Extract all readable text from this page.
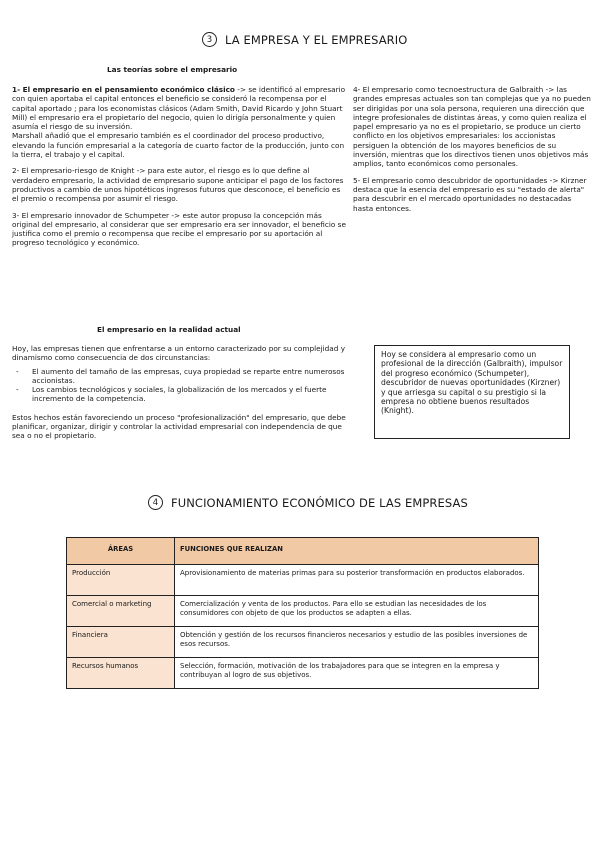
3	LA EMPRESA Y EL EMPRESARIO
Las teorías sobre el empresario

1- El empresario en el pensamiento económico clásico -> se identificó al empresario con quien aportaba el capital entonces el beneficio se consideró la recompensa por el capital aportado ; para los economistas clásicos (Adam Smith, David Ricardo y John Stuart Mill) el empresario era el propietario del negocio, quien lo dirigía personalmente y quien asumía el riesgo de su inversión.

Marshall añadió que el empresario también es el coordinador del proceso productivo, elevando la función empresarial a la categoría de cuarto factor de la producción, junto con la tierra, el trabajo y el capital.

2- El empresario-riesgo de Knight -> para este autor, el riesgo es lo que define al verdadero empresario, la actividad de empresario supone anticipar el pago de los factores productivos a cambio de unos hipotéticos ingresos futuros que desconoce, el beneficio es el premio o recompensa por asumir el riesgo.

3- El empresario innovador de Schumpeter -> este autor propuso la concepción más original del empresario, al considerar que ser empresario era ser innovador, el beneficio se justifica como el premio o recompensa que recibe el empresario por su aportación al progreso tecnológico y económico.

4- El empresario como tecnoestructura de Galbraith -> las grandes empresas actuales son tan complejas que ya no pueden ser dirigidas por una sola persona, requieren una dirección que integre profesionales de distintas áreas, y como quien realiza el papel empresario ya no es el propietario, se produce un cierto conflicto en los objetivos empresariales: los accionistas persiguen la obtención de los mayores beneficios de su inversión, mientras que los directivos tienen unos objetivos más amplios, tanto económicos como personales.

5- El empresario como descubridor de oportunidades -> Kirzner destaca que la esencia del empresario es su "estado de alerta" para descubrir en el mercado oportunidades no destacadas hasta entonces.

El empresario en la realidad actual

Hoy, las empresas tienen que enfrentarse a un entorno caracterizado por su complejidad y dinamismo como consecuencia de dos circunstancias:

- El aumento del tamaño de las empresas, cuya propiedad se reparte entre numerosos accionistas.
- Los cambios tecnológicos y sociales, la globalización de los mercados y el fuerte incremento de la competencia.

Estos hechos están favoreciendo un proceso "profesionalización" del empresario, que debe planificar, organizar, dirigir y controlar la actividad empresarial con independencia de que sea o no el propietario.

Hoy se considera al empresario como un profesional de la dirección (Galbraith), impulsor del progreso económico (Schumpeter), descubridor de nuevas oportunidades (Kirzner) y que arriesga su capital o su prestigio si la empresa no obtiene buenos resultados (Knight).
4	FUNCIONAMIENTO ECONÓMICO DE LAS EMPRESAS
ÁREAS	FUNCIONES QUE REALIZAN
Producción	Aprovisionamiento de materias primas para su posterior transformación en productos elaborados.
Comercial o marketing	Comercialización y venta de los productos. Para ello se estudian las necesidades de los consumidores con objeto de que los productos se adapten a ellas.
Financiera	Obtención y gestión de los recursos financieros necesarios y estudio de las posibles inversiones de esos recursos.
Recursos humanos	Selección, formación, motivación de los trabajadores para que se integren en la empresa y contribuyan al logro de sus objetivos.
